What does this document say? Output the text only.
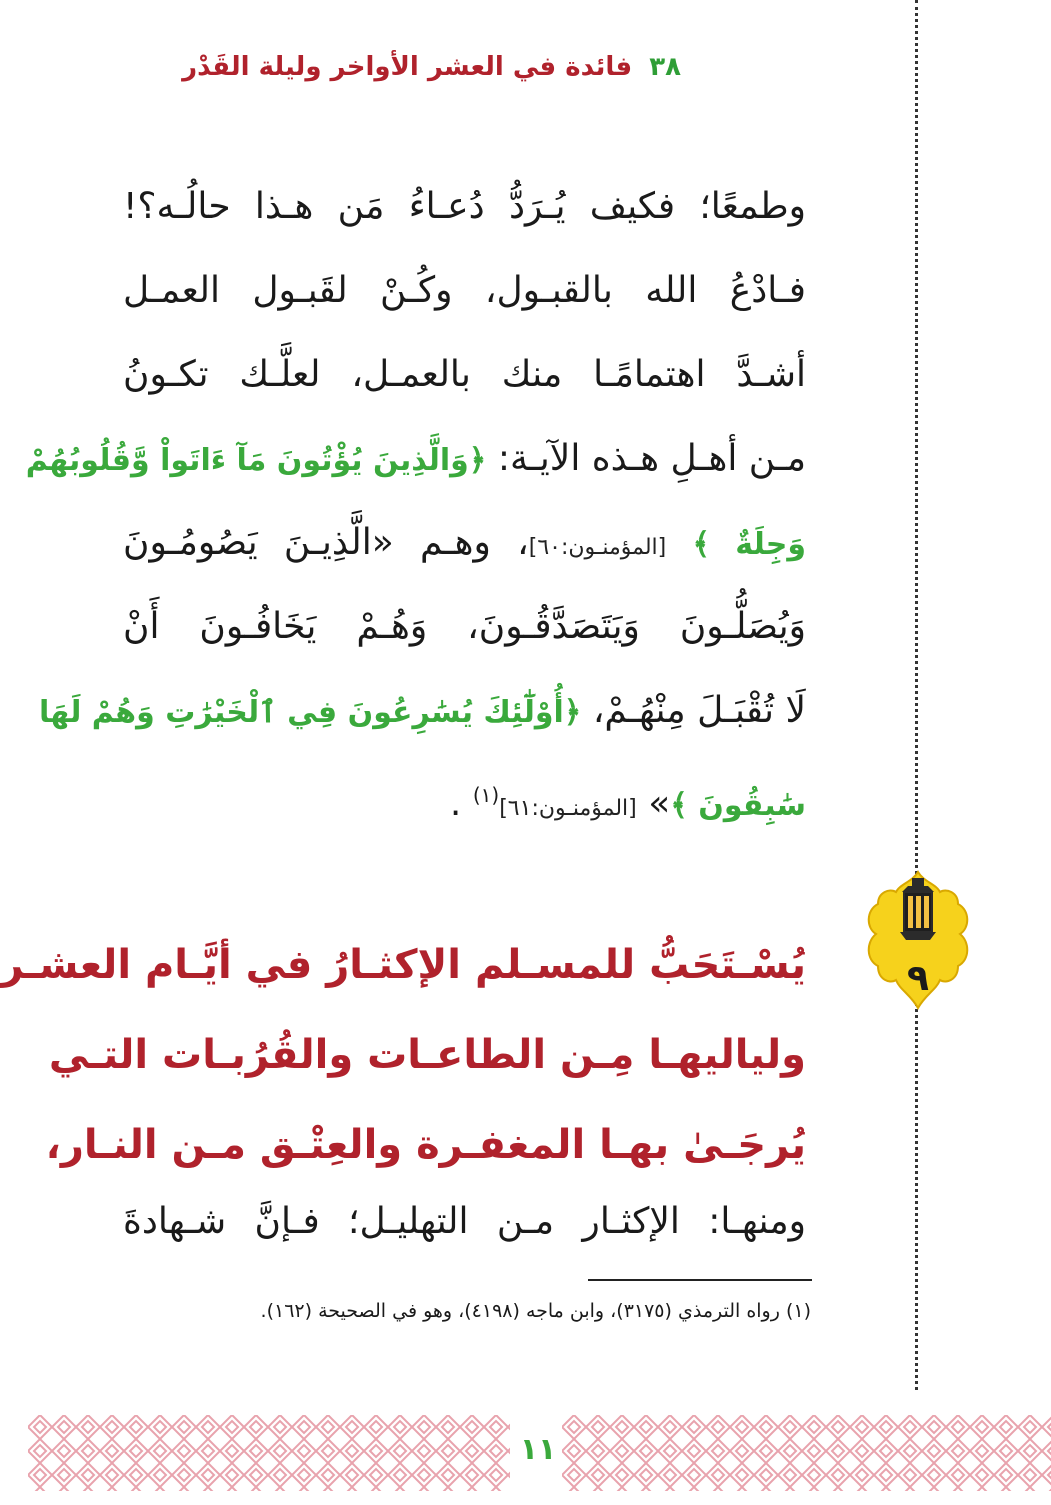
٣٨ فائدة في العشر الأواخر وليلة القَدْر
وطمعًا؛ فكيف يُـرَدُّ دُعـاءُ مَن هـذا حالُـه؟!
فـادْعُ الله بالقبـول، وكُـنْ لقَبـول العمـل
أشـدَّ اهتمامًـا منك بالعمـل، لعلَّـك تكـونُ
مـن أهـلِ هـذه الآيـة: ﴿وَالَّذِينَ يُؤْتُونَ مَآ ءَاتَواْ وَّقُلُوبُهُمْ
وَجِلَةٌ ﴾ [المؤمنـون:٦٠]، وهـم «الَّذِيـنَ يَصُومُـونَ
وَيُصَلُّـونَ وَيَتَصَدَّقُـونَ، وَهُـمْ يَخَافُـونَ أَنْ
لَا تُقْبَـلَ مِنْهُـمْ، ﴿أُوْلَٰٓئِكَ يُسَٰرِعُونَ فِي ٱلْخَيْرَٰتِ وَهُمْ لَهَا
سَٰبِقُونَ ﴾» [المؤمنـون:٦١]$^{(١)}$ .
٩
يُسْـتَحَبُّ للمسـلم الإكثـارُ في أيَّـام العشـر
ولياليهـا مِـن الطاعـات والقُرُبـات التـي
يُرجَـىٰ بهـا المغفـرة والعِتْـق مـن النـار،
ومنهـا: الإكثـار مـن التهليـل؛ فـإنَّ شـهادةَ
(١) رواه الترمذي (٣١٧٥)، وابن ماجه (٤١٩٨)، وهو في الصحيحة (١٦٢).
١١
